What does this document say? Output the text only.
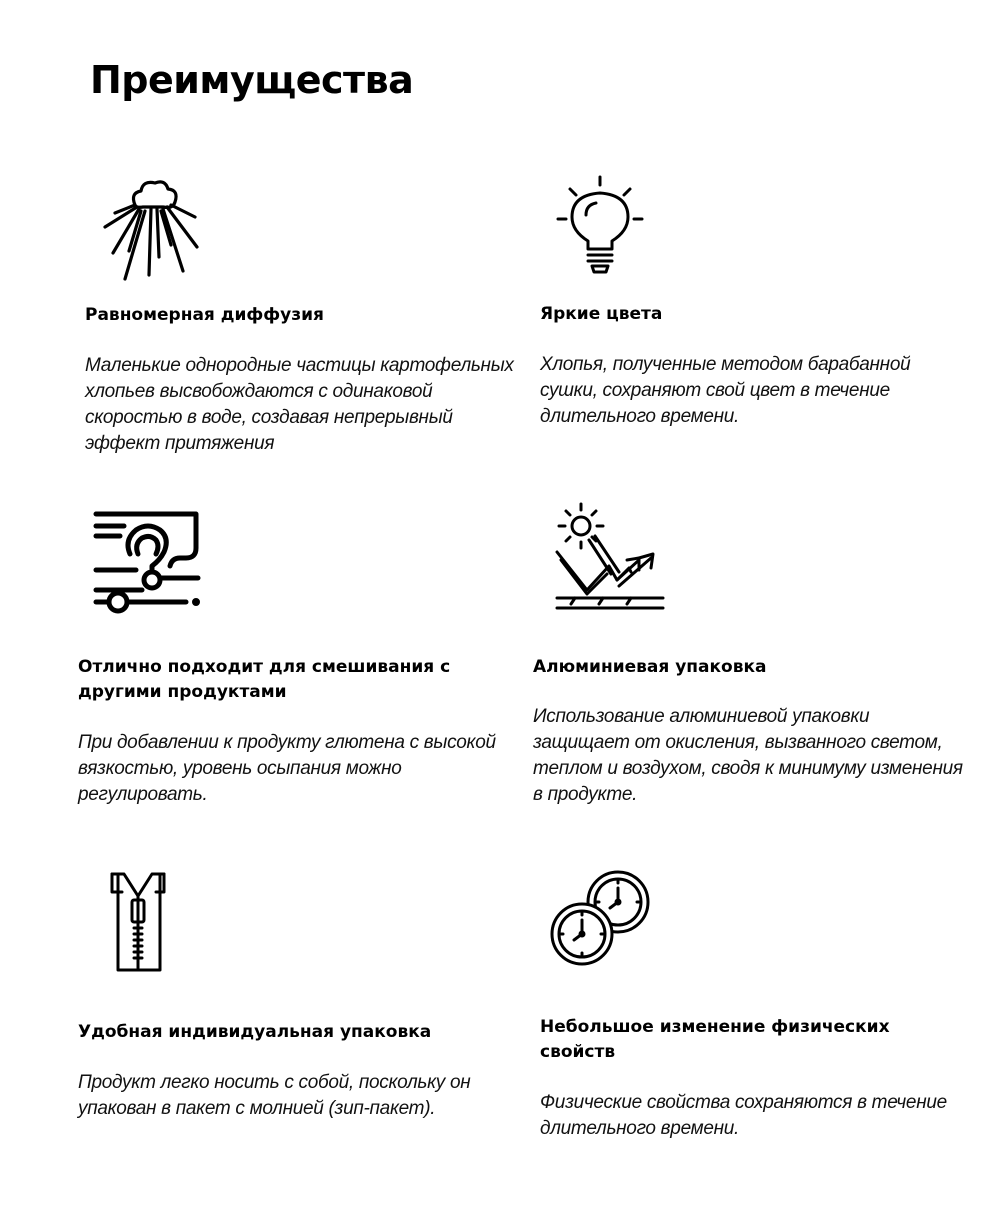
Преимущества
Равномерная диффузия

Маленькие однородные частицы картофельных хлопьев высвобождаются с одинаковой скоростью в воде, создавая непрерывный эффект притяжения

Яркие цвета

Хлопья, полученные методом барабанной сушки, сохраняют свой цвет в течение длительного времени.

Отлично подходит для смешивания с другими продуктами

При добавлении к продукту глютена с высокой вязкостью, уровень осыпания можно регулировать.

Алюминиевая упаковка

Использование алюминиевой упаковки защищает от окисления, вызванного светом, теплом и воздухом, сводя к минимуму изменения в продукте.

Удобная индивидуальная упаковка

Продукт легко носить с собой, поскольку он упакован в пакет с молнией (зип-пакет).

Небольшое изменение физических свойств

Физические свойства сохраняются в течение длительного времени.
